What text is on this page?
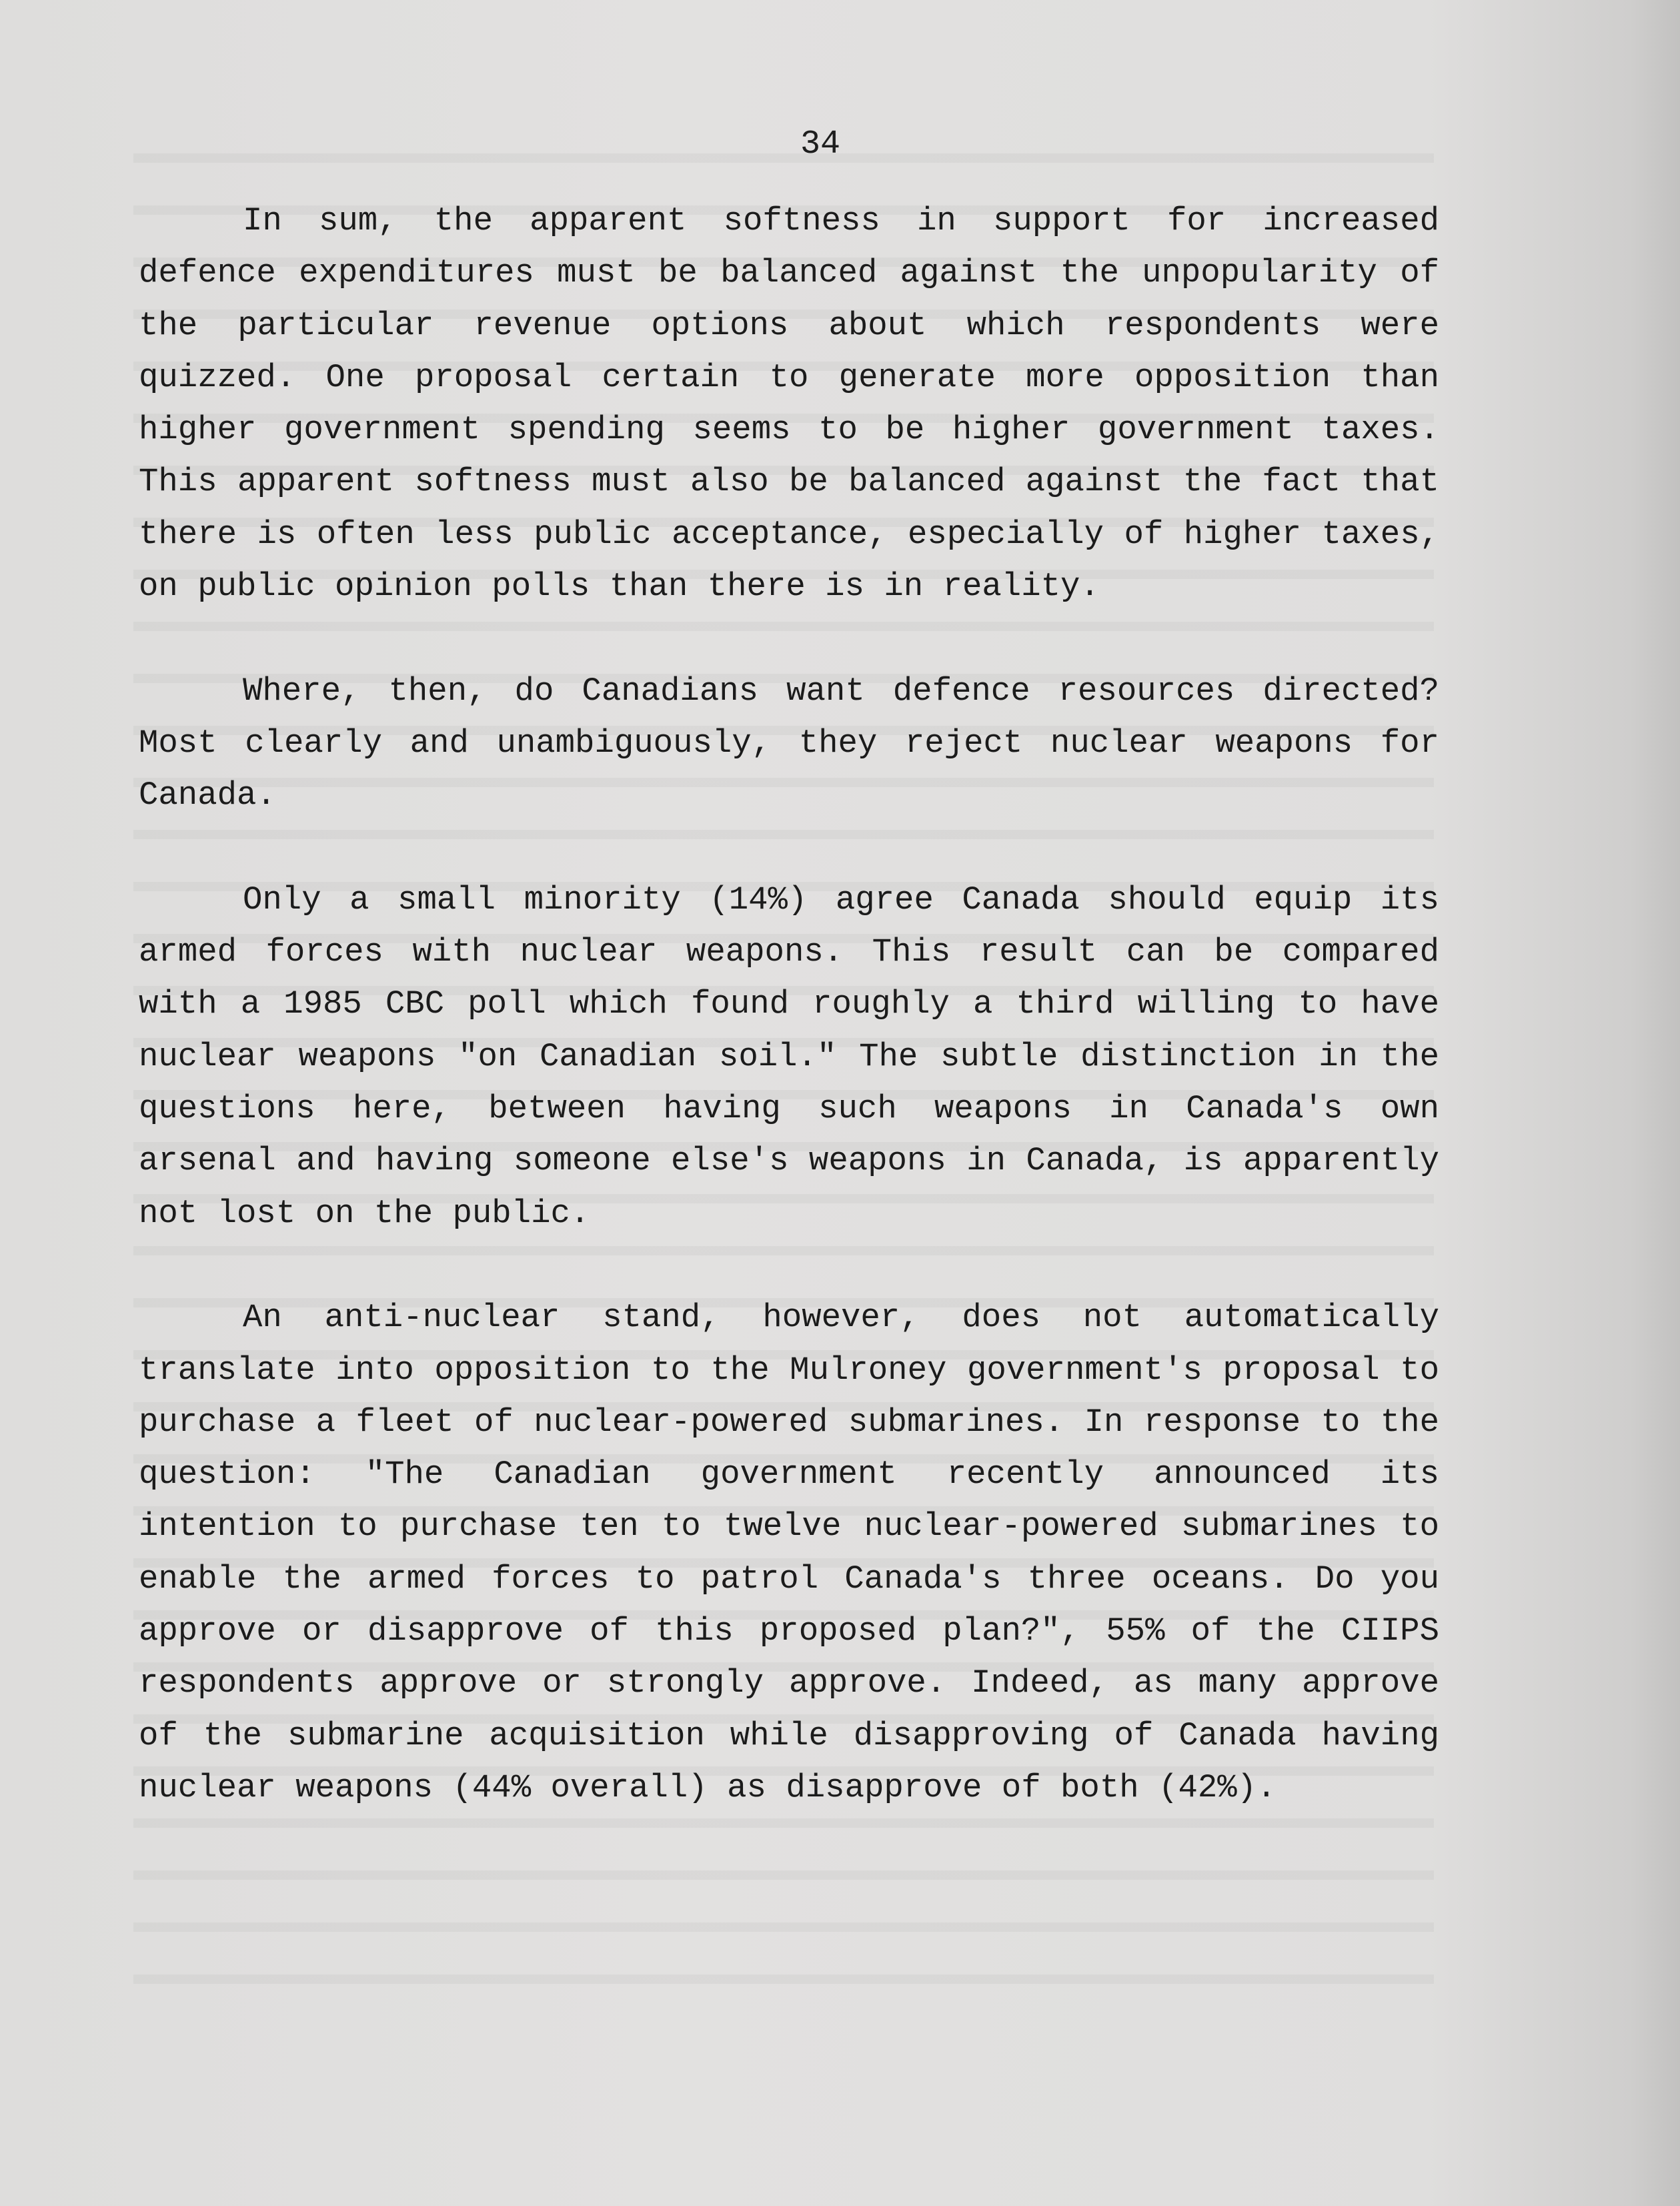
34

In sum, the apparent softness in support for increased defence expenditures must be balanced against the unpopularity of the particular revenue options about which respondents were quizzed. One proposal certain to generate more opposition than higher government spending seems to be higher government taxes. This apparent softness must also be balanced against the fact that there is often less public acceptance, especially of higher taxes, on public opinion polls than there is in reality.

Where, then, do Canadians want defence resources directed? Most clearly and unambiguously, they reject nuclear weapons for Canada.

Only a small minority (14%) agree Canada should equip its armed forces with nuclear weapons. This result can be compared with a 1985 CBC poll which found roughly a third willing to have nuclear weapons "on Canadian soil." The subtle distinction in the questions here, between having such weapons in Canada's own arsenal and having someone else's weapons in Canada, is apparently not lost on the public.

An anti-nuclear stand, however, does not automatically translate into opposition to the Mulroney government's proposal to purchase a fleet of nuclear-powered submarines. In response to the question: "The Canadian government recently announced its intention to purchase ten to twelve nuclear-powered submarines to enable the armed forces to patrol Canada's three oceans. Do you approve or disapprove of this proposed plan?", 55% of the CIIPS respondents approve or strongly approve. Indeed, as many approve of the submarine acquisition while disapproving of Canada having nuclear weapons (44% overall) as disapprove of both (42%).
